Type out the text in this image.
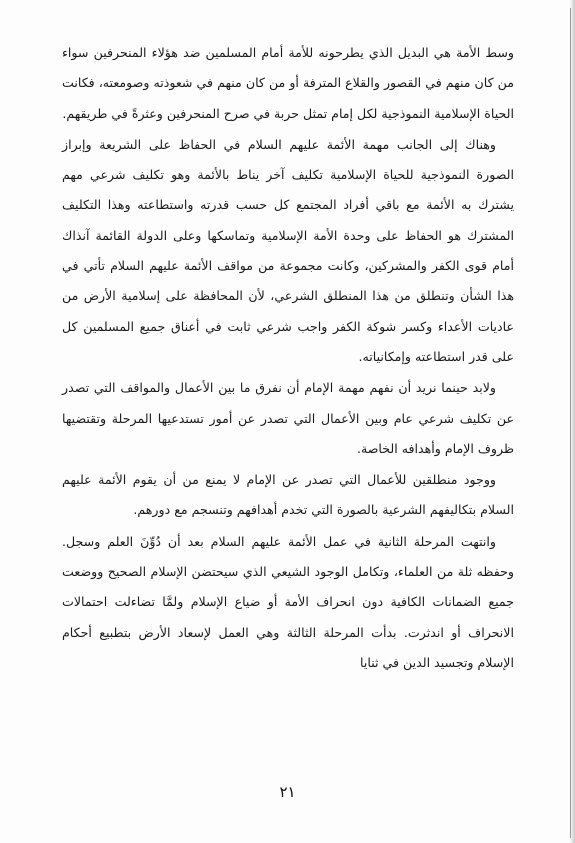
وسط الأمة هي البديل الذي يطرحونه للأمة أمام المسلمين ضد هؤلاء المنحرفين سواء من كان منهم في القصور والقلاع المترفة أو من كان منهم في شعوذته وصومعته، فكانت الحياة الإسلامية النموذجية لكل إمام تمثل حربة في صرح المنحرفين وعثرةً في طريقهم.

وهناك إلى الجانب مهمة الأئمة عليهم السلام في الحفاظ على الشريعة وإبراز الصورة النموذجية للحياة الإسلامية تكليف آخر يناط بالأئمة وهو تكليف شرعي مهم يشترك به الأئمة مع باقي أفراد المجتمع كل حسب قدرته واستطاعته وهذا التكليف المشترك هو الحفاظ على وحدة الأمة الإسلامية وتماسكها وعلى الدولة القائمة آنذاك أمام قوى الكفر والمشركين، وكانت مجموعة من مواقف الأئمة عليهم السلام تأتي في هذا الشأن وتنطلق من هذا المنطلق الشرعي، لأن المحافظة على إسلامية الأرض من عاديات الأعداء وكسر شوكة الكفر واجب شرعي ثابت في أعناق جميع المسلمين كل على قدر استطاعته وإمكانياته.

ولابد حينما نريد أن نفهم مهمة الإمام أن نفرق ما بين الأعمال والمواقف التي تصدر عن تكليف شرعي عام وبين الأعمال التي تصدر عن أمور تستدعيها المرحلة وتقتضيها ظروف الإمام وأهدافه الخاصة.

ووجود منطلقين للأعمال التي تصدر عن الإمام لا يمنع من أن يقوم الأئمة عليهم السلام بتكاليفهم الشرعية بالصورة التي تخدم أهدافهم وتنسجم مع دورهم.

وانتهت المرحلة الثانية في عمل الأئمة عليهم السلام بعد أن دُوِّنَ العلم وسجل. وحفظه ثلة من العلماء، وتكامل الوجود الشيعي الذي سيحتضن الإسلام الصحيح ووضعت جميع الضمانات الكافية دون انحراف الأمة أو ضياع الإسلام ولمَّا تضاءلت احتمالات الانحراف أو اندثرت. بدأت المرحلة الثالثة وهي العمل لإسعاد الأرض بتطبيع أحكام الإسلام وتجسيد الدين في ثنايا

٢١
